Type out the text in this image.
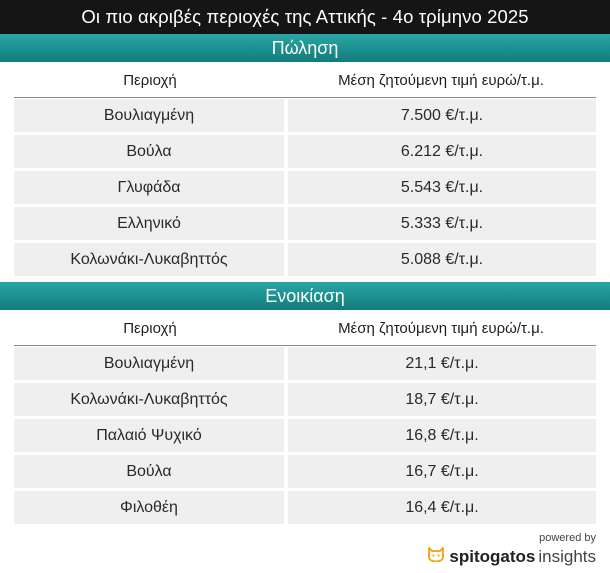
Οι πιο ακριβές περιοχές της Αττικής - 4ο τρίμηνο 2025
Πώληση
Περιοχή	Μέση ζητούμενη τιμή ευρώ/τ.μ.
Βουλιαγμένη	7.500 €/τ.μ.
Βούλα	6.212 €/τ.μ.
Γλυφάδα	5.543 €/τ.μ.
Ελληνικό	5.333 €/τ.μ.
Κολωνάκι-Λυκαβηττός	5.088 €/τ.μ.
Ενοικίαση
Περιοχή	Μέση ζητούμενη τιμή ευρώ/τ.μ.
Βουλιαγμένη	21,1 €/τ.μ.
Κολωνάκι-Λυκαβηττός	18,7 €/τ.μ.
Παλαιό Ψυχικό	16,8 €/τ.μ.
Βούλα	16,7 €/τ.μ.
Φιλοθέη	16,4 €/τ.μ.
powered by
spitogatos insights
